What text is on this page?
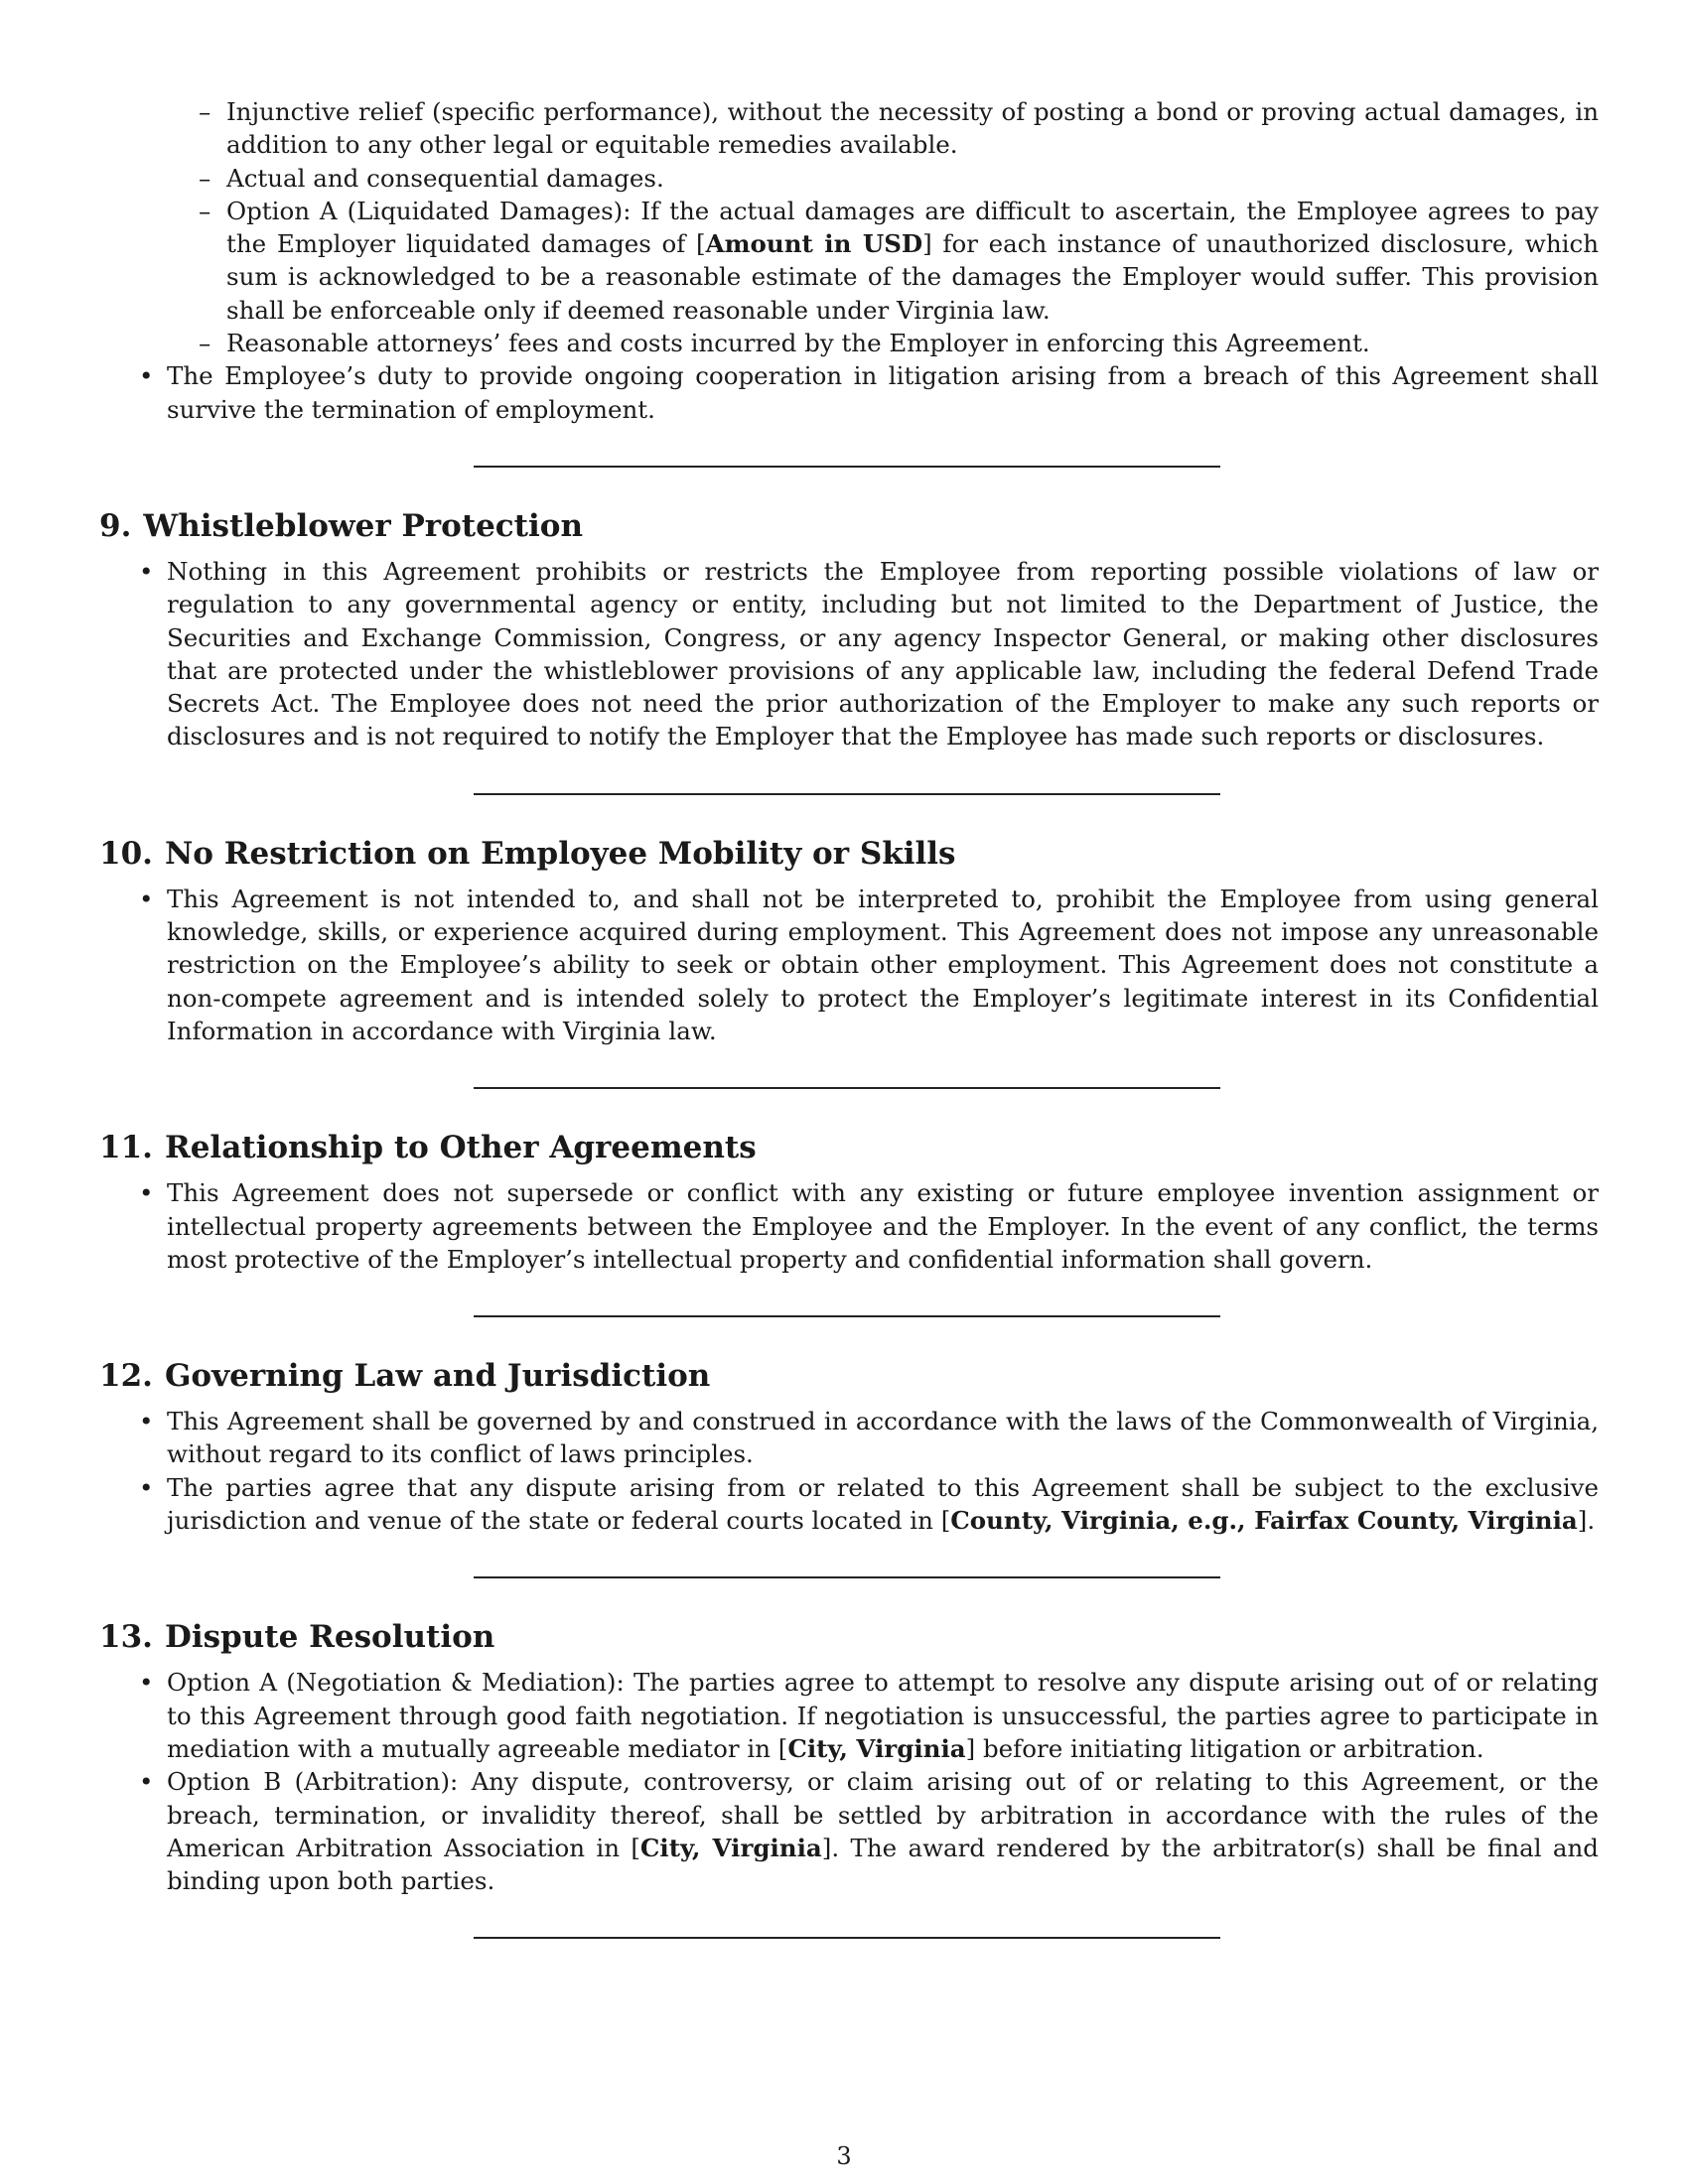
– Injunctive relief (specific performance), without the necessity of posting a bond or proving actual damages, in addition to any other legal or equitable remedies available.
– Actual and consequential damages.
– Option A (Liquidated Damages): If the actual damages are difficult to ascertain, the Employee agrees to pay the Employer liquidated damages of [Amount in USD] for each instance of unauthorized disclosure, which sum is acknowledged to be a reasonable estimate of the damages the Employer would suffer. This provision shall be enforceable only if deemed reasonable under Virginia law.
– Reasonable attorneys’ fees and costs incurred by the Employer in enforcing this Agreement.
• The Employee’s duty to provide ongoing cooperation in litigation arising from a breach of this Agreement shall survive the termination of employment.
9. Whistleblower Protection
• Nothing in this Agreement prohibits or restricts the Employee from reporting possible violations of law or regulation to any governmental agency or entity, including but not limited to the Department of Justice, the Securities and Exchange Commission, Congress, or any agency Inspector General, or making other disclosures that are protected under the whistleblower provisions of any applicable law, including the federal Defend Trade Secrets Act. The Employee does not need the prior authorization of the Employer to make any such reports or disclosures and is not required to notify the Employer that the Employee has made such reports or disclosures.
10. No Restriction on Employee Mobility or Skills
• This Agreement is not intended to, and shall not be interpreted to, prohibit the Employee from using general knowledge, skills, or experience acquired during employment. This Agreement does not impose any unreasonable restriction on the Employee’s ability to seek or obtain other employment. This Agreement does not constitute a non-compete agreement and is intended solely to protect the Employer’s legitimate interest in its Confidential Information in accordance with Virginia law.
11. Relationship to Other Agreements
• This Agreement does not supersede or conflict with any existing or future employee invention assignment or intellectual property agreements between the Employee and the Employer. In the event of any conflict, the terms most protective of the Employer’s intellectual property and confidential information shall govern.
12. Governing Law and Jurisdiction
• This Agreement shall be governed by and construed in accordance with the laws of the Commonwealth of Virginia, without regard to its conflict of laws principles.
• The parties agree that any dispute arising from or related to this Agreement shall be subject to the exclusive jurisdiction and venue of the state or federal courts located in [County, Virginia, e.g., Fairfax County, Virginia].
13. Dispute Resolution
• Option A (Negotiation & Mediation): The parties agree to attempt to resolve any dispute arising out of or relating to this Agreement through good faith negotiation. If negotiation is unsuccessful, the parties agree to participate in mediation with a mutually agreeable mediator in [City, Virginia] before initiating litigation or arbitration.
• Option B (Arbitration): Any dispute, controversy, or claim arising out of or relating to this Agreement, or the breach, termination, or invalidity thereof, shall be settled by arbitration in accordance with the rules of the American Arbitration Association in [City, Virginia]. The award rendered by the arbitrator(s) shall be final and binding upon both parties.
3
